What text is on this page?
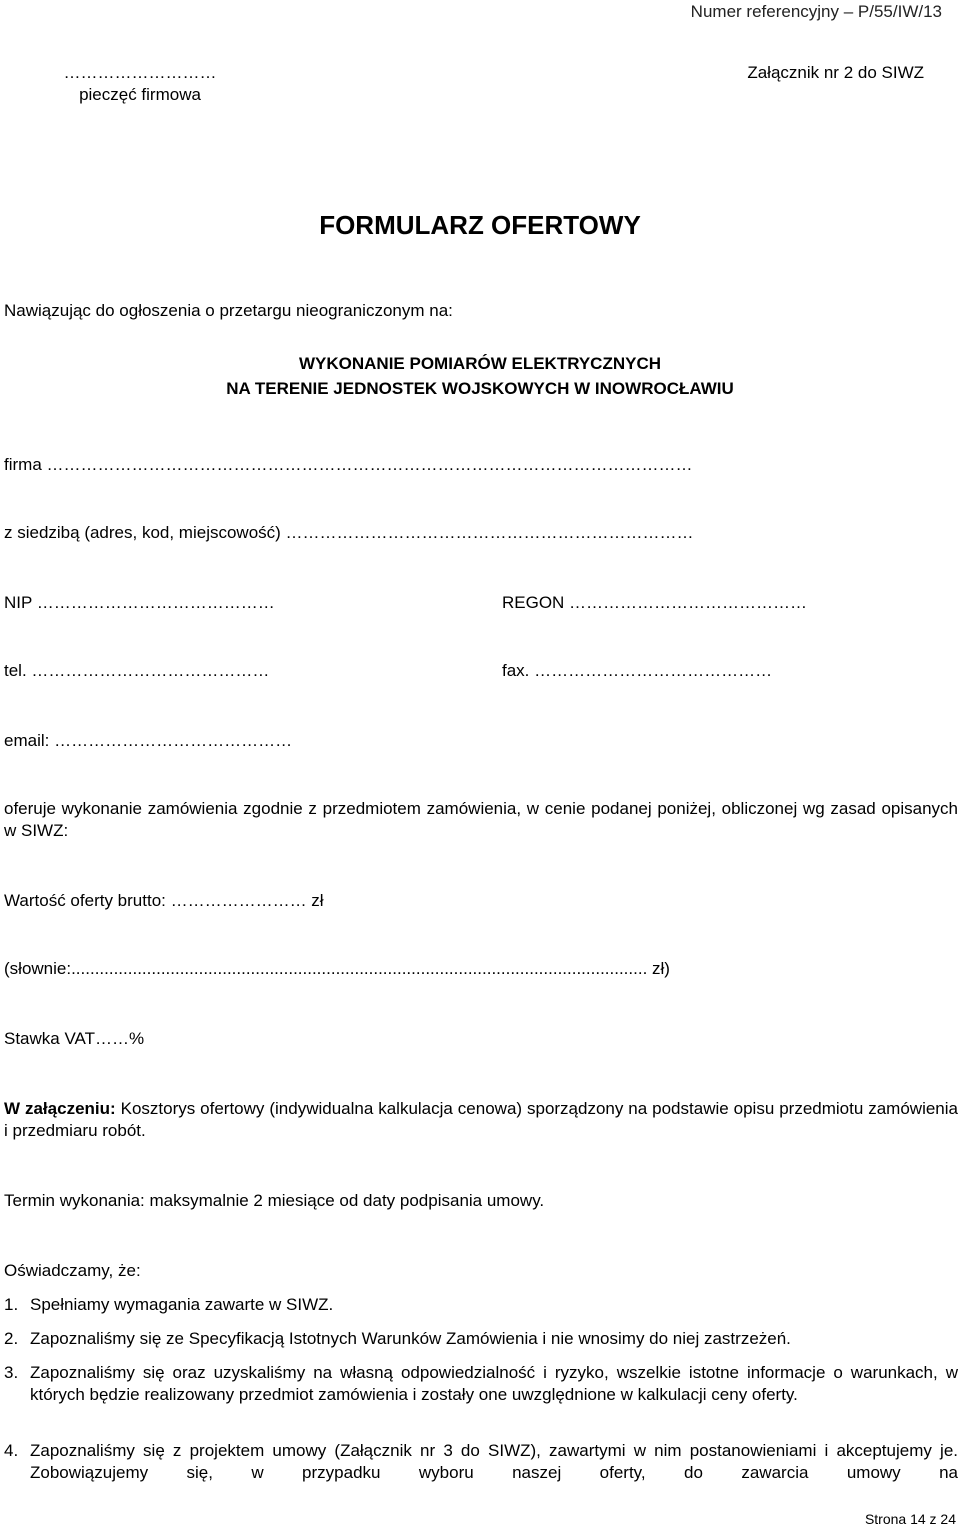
Numer referencyjny – P/55/IW/13
………………………
pieczęć firmowa
Załącznik nr 2 do SIWZ
FORMULARZ OFERTOWY
Nawiązując do ogłoszenia o przetargu nieograniczonym na:
WYKONANIE POMIARÓW ELEKTRYCZNYCH
NA TERENIE JEDNOSTEK WOJSKOWYCH W INOWROCŁAWIU
firma ……………………………………………………………………………………………………
z siedzibą (adres, kod, miejscowość) ………………………………………………………………
NIP ……………………………………	REGON ……………………………………
tel. ……………………………………	fax. ……………………………………
email: ……………………………………
oferuje wykonanie zamówienia zgodnie z przedmiotem zamówienia, w cenie podanej poniżej, obliczonej wg zasad opisanych w SIWZ:
Wartość oferty brutto: …………………… zł
(słownie:.......................................................................................................................... zł)
Stawka VAT……%
W załączeniu: Kosztorys ofertowy (indywidualna kalkulacja cenowa) sporządzony na podstawie opisu przedmiotu zamówienia i przedmiaru robót.
Termin wykonania: maksymalnie 2 miesiące od daty podpisania umowy.
Oświadczamy, że:
1. Spełniamy wymagania zawarte w SIWZ.
2. Zapoznaliśmy się ze Specyfikacją Istotnych Warunków Zamówienia i nie wnosimy do niej zastrzeżeń.
3. Zapoznaliśmy się oraz uzyskaliśmy na własną odpowiedzialność i ryzyko, wszelkie istotne informacje o warunkach, w których będzie realizowany przedmiot zamówienia i zostały one uwzględnione w kalkulacji ceny oferty.
4. Zapoznaliśmy się z projektem umowy (Załącznik nr 3 do SIWZ), zawartymi w nim postanowieniami i akceptujemy je. Zobowiązujemy się, w przypadku wyboru naszej oferty, do zawarcia umowy na
Strona 14 z 24
